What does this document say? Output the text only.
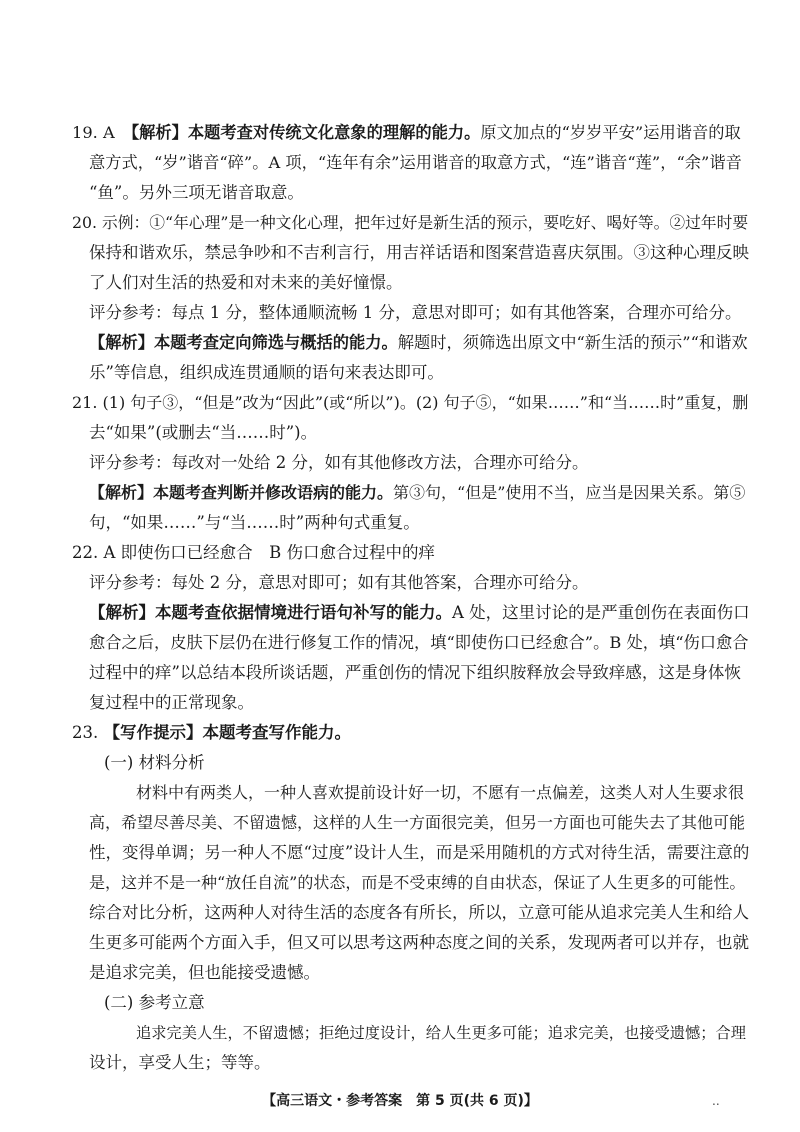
19. A　【解析】本题考查对传统文化意象的理解的能力。原文加点的“岁岁平安”运用谐音的取
意方式，“岁”谐音“碎”。A 项，“连年有余”运用谐音的取意方式，“连”谐音“莲”，“余”谐音
“鱼”。另外三项无谐音取意。
20. 示例：①“年心理”是一种文化心理，把年过好是新生活的预示，要吃好、喝好等。②过年时要
保持和谐欢乐，禁忌争吵和不吉利言行，用吉祥话语和图案营造喜庆氛围。③这种心理反映
了人们对生活的热爱和对未来的美好憧憬。
评分参考：每点 1 分，整体通顺流畅 1 分，意思对即可；如有其他答案，合理亦可给分。
【解析】本题考查定向筛选与概括的能力。解题时，须筛选出原文中“新生活的预示”“和谐欢
乐”等信息，组织成连贯通顺的语句来表达即可。
21. (1) 句子③，“但是”改为“因此”(或“所以”)。(2) 句子⑤，“如果……”和“当……时”重复，删
去“如果”(或删去“当……时”)。
评分参考：每改对一处给 2 分，如有其他修改方法，合理亦可给分。
【解析】本题考查判断并修改语病的能力。第③句，“但是”使用不当，应当是因果关系。第⑤
句，“如果……”与“当……时”两种句式重复。
22. A 即使伤口已经愈合　B 伤口愈合过程中的痒
评分参考：每处 2 分，意思对即可；如有其他答案，合理亦可给分。
【解析】本题考查依据情境进行语句补写的能力。A 处，这里讨论的是严重创伤在表面伤口
愈合之后，皮肤下层仍在进行修复工作的情况，填“即使伤口已经愈合”。B 处，填“伤口愈合
过程中的痒”以总结本段所谈话题，严重创伤的情况下组织胺释放会导致痒感，这是身体恢
复过程中的正常现象。
23. 【写作提示】本题考查写作能力。
(一) 材料分析
材料中有两类人，一种人喜欢提前设计好一切，不愿有一点偏差，这类人对人生要求很
高，希望尽善尽美、不留遗憾，这样的人生一方面很完美，但另一方面也可能失去了其他可能
性，变得单调；另一种人不愿“过度”设计人生，而是采用随机的方式对待生活，需要注意的
是，这并不是一种“放任自流”的状态，而是不受束缚的自由状态，保证了人生更多的可能性。
综合对比分析，这两种人对待生活的态度各有所长，所以，立意可能从追求完美人生和给人
生更多可能两个方面入手，但又可以思考这两种态度之间的关系，发现两者可以并存，也就
是追求完美，但也能接受遗憾。
(二) 参考立意
追求完美人生，不留遗憾；拒绝过度设计，给人生更多可能；追求完美，也接受遗憾；合理
设计，享受人生；等等。
【高三语文・参考答案　第 5 页(共 6 页)】	..
